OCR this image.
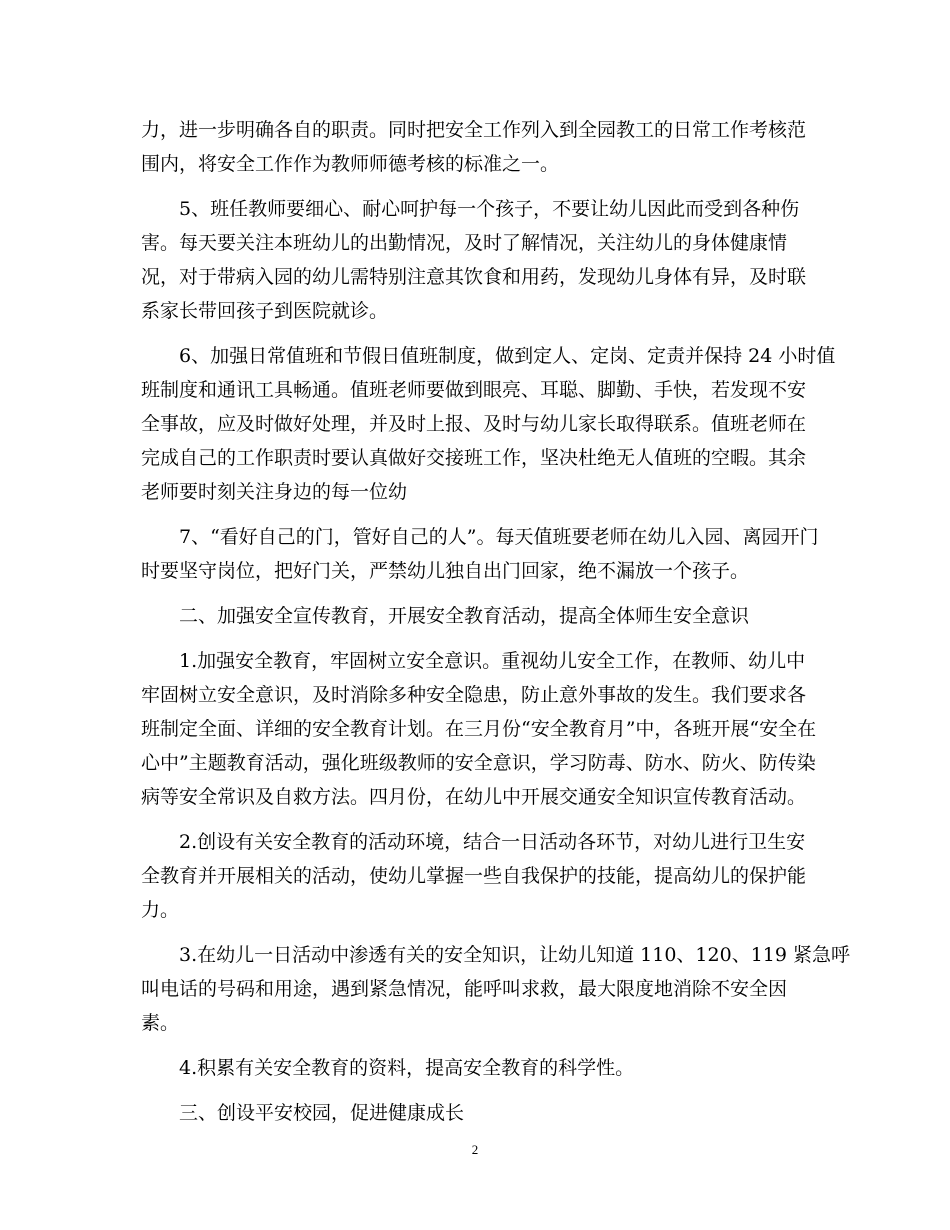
力，进一步明确各自的职责。同时把安全工作列入到全园教工的日常工作考核范

围内，将安全工作作为教师师德考核的标准之一。

5、班任教师要细心、耐心呵护每一个孩子，不要让幼儿因此而受到各种伤

害。每天要关注本班幼儿的出勤情况，及时了解情况，关注幼儿的身体健康情

况，对于带病入园的幼儿需特别注意其饮食和用药，发现幼儿身体有异，及时联

系家长带回孩子到医院就诊。

6、加强日常值班和节假日值班制度，做到定人、定岗、定责并保持 24 小时值

班制度和通讯工具畅通。值班老师要做到眼亮、耳聪、脚勤、手快，若发现不安

全事故，应及时做好处理，并及时上报、及时与幼儿家长取得联系。值班老师在

完成自己的工作职责时要认真做好交接班工作，坚决杜绝无人值班的空暇。其余

老师要时刻关注身边的每一位幼

7、“看好自己的门，管好自己的人”。每天值班要老师在幼儿入园、离园开门

时要坚守岗位，把好门关，严禁幼儿独自出门回家，绝不漏放一个孩子。

二、加强安全宣传教育，开展安全教育活动，提高全体师生安全意识

1.加强安全教育，牢固树立安全意识。重视幼儿安全工作，在教师、幼儿中

牢固树立安全意识，及时消除多种安全隐患，防止意外事故的发生。我们要求各

班制定全面、详细的安全教育计划。在三月份“安全教育月”中，各班开展“安全在

心中”主题教育活动，强化班级教师的安全意识，学习防毒、防水、防火、防传染

病等安全常识及自救方法。四月份，在幼儿中开展交通安全知识宣传教育活动。

2.创设有关安全教育的活动环境，结合一日活动各环节，对幼儿进行卫生安

全教育并开展相关的活动，使幼儿掌握一些自我保护的技能，提高幼儿的保护能

力。

3.在幼儿一日活动中渗透有关的安全知识，让幼儿知道 110、120、119 紧急呼

叫电话的号码和用途，遇到紧急情况，能呼叫求救，最大限度地消除不安全因

素。

4.积累有关安全教育的资料，提高安全教育的科学性。

三、创设平安校园，促进健康成长

2
